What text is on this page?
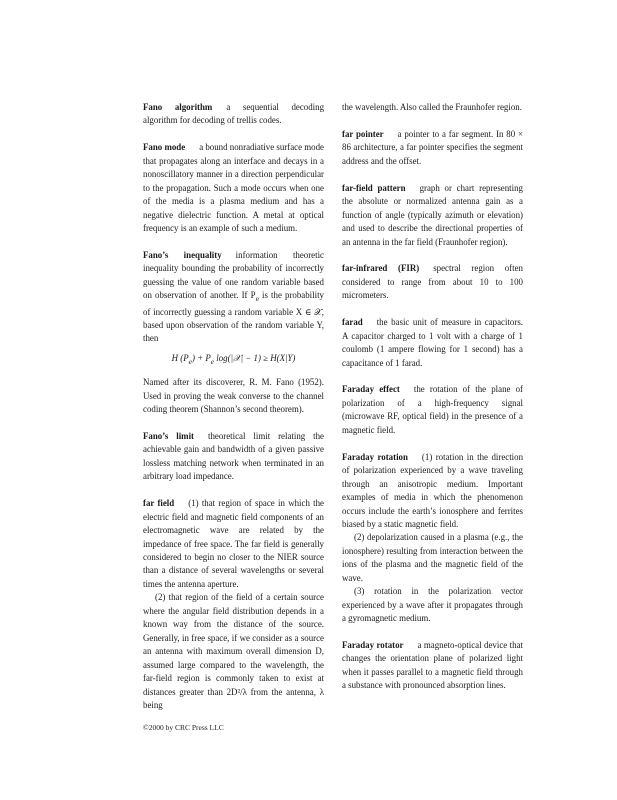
Fano algorithm a sequential decoding algorithm for decoding of trellis codes.

Fano mode a bound nonradiative surface mode that propagates along an interface and decays in a nonoscillatory manner in a direction perpendicular to the propagation. Such a mode occurs when one of the media is a plasma medium and has a negative dielectric function. A metal at optical frequency is an example of such a medium.

Fano’s inequality information theoretic inequality bounding the probability of incorrectly guessing the value of one random variable based on observation of another. If $P_e$ is the probability of incorrectly guessing a random variable X ∈ 𝒳, based upon observation of the random variable Y, then

H $(P_e) + P_e$ log(|𝒳| − 1) ≥ H(X|Y)

Named after its discoverer, R. M. Fano (1952). Used in proving the weak converse to the channel coding theorem (Shannon’s second theorem).

Fano’s limit theoretical limit relating the achievable gain and bandwidth of a given passive lossless matching network when terminated in an arbitrary load impedance.

far field (1) that region of space in which the electric field and magnetic field components of an electromagnetic wave are related by the impedance of free space. The far field is generally considered to begin no closer to the NIER source than a distance of several wavelengths or several times the antenna aperture.

(2) that region of the field of a certain source where the angular field distribution depends in a known way from the distance of the source. Generally, in free space, if we consider as a source an antenna with maximum overall dimension D, assumed large compared to the wavelength, the far-field region is commonly taken to exist at distances greater than 2D²/λ from the antenna, λ being

the wavelength. Also called the Fraunhofer region.

far pointer a pointer to a far segment. In 80 × 86 architecture, a far pointer specifies the segment address and the offset.

far-field pattern graph or chart representing the absolute or normalized antenna gain as a function of angle (typically azimuth or elevation) and used to describe the directional properties of an antenna in the far field (Fraunhofer region).

far-infrared (FIR) spectral region often considered to range from about 10 to 100 micrometers.

farad the basic unit of measure in capacitors. A capacitor charged to 1 volt with a charge of 1 coulomb (1 ampere flowing for 1 second) has a capacitance of 1 farad.

Faraday effect the rotation of the plane of polarization of a high-frequency signal (microwave RF, optical field) in the presence of a magnetic field.

Faraday rotation (1) rotation in the direction of polarization experienced by a wave traveling through an anisotropic medium. Important examples of media in which the phenomenon occurs include the earth’s ionosphere and ferrites biased by a static magnetic field.

(2) depolarization caused in a plasma (e.g., the ionosphere) resulting from interaction between the ions of the plasma and the magnetic field of the wave.

(3) rotation in the polarization vector experienced by a wave after it propagates through a gyromagnetic medium.

Faraday rotator a magneto-optical device that changes the orientation plane of polarized light when it passes parallel to a magnetic field through a substance with pronounced absorption lines.

©2000 by CRC Press LLC
